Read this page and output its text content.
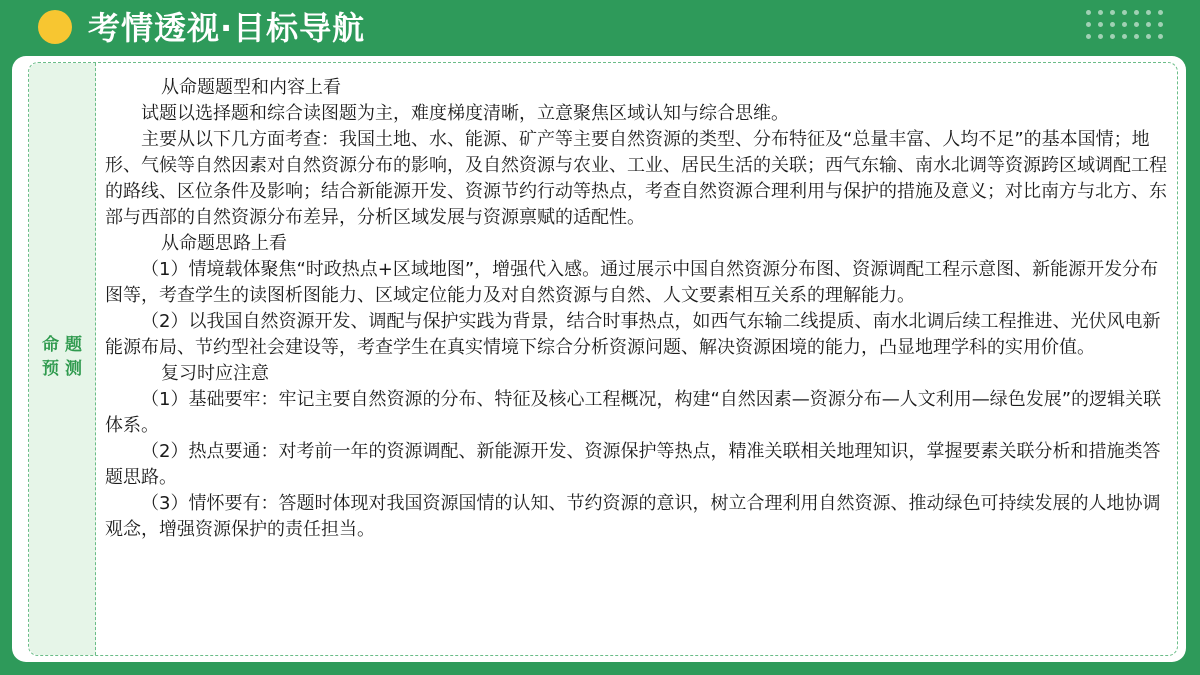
考情透视·目标导航
命 题
预 测

从命题题型和内容上看

试题以选择题和综合读图题为主，难度梯度清晰，立意聚焦区域认知与综合思维。

主要从以下几方面考查：我国土地、水、能源、矿产等主要自然资源的类型、分布特征及“总量丰富、人均不足”的基本国情；地形、气候等自然因素对自然资源分布的影响，及自然资源与农业、工业、居民生活的关联；西气东输、南水北调等资源跨区域调配工程的路线、区位条件及影响；结合新能源开发、资源节约行动等热点，考查自然资源合理利用与保护的措施及意义；对比南方与北方、东部与西部的自然资源分布差异，分析区域发展与资源禀赋的适配性。

从命题思路上看

（1）情境载体聚焦“时政热点+区域地图”，增强代入感。通过展示中国自然资源分布图、资源调配工程示意图、新能源开发分布图等，考查学生的读图析图能力、区域定位能力及对自然资源与自然、人文要素相互关系的理解能力。

（2）以我国自然资源开发、调配与保护实践为背景，结合时事热点，如西气东输二线提质、南水北调后续工程推进、光伏风电新能源布局、节约型社会建设等，考查学生在真实情境下综合分析资源问题、解决资源困境的能力，凸显地理学科的实用价值。

复习时应注意

（1）基础要牢：牢记主要自然资源的分布、特征及核心工程概况，构建“自然因素—资源分布—人文利用—绿色发展”的逻辑关联体系。

（2）热点要通：对考前一年的资源调配、新能源开发、资源保护等热点，精准关联相关地理知识，掌握要素关联分析和措施类答题思路。

（3）情怀要有：答题时体现对我国资源国情的认知、节约资源的意识，树立合理利用自然资源、推动绿色可持续发展的人地协调观念，增强资源保护的责任担当。
